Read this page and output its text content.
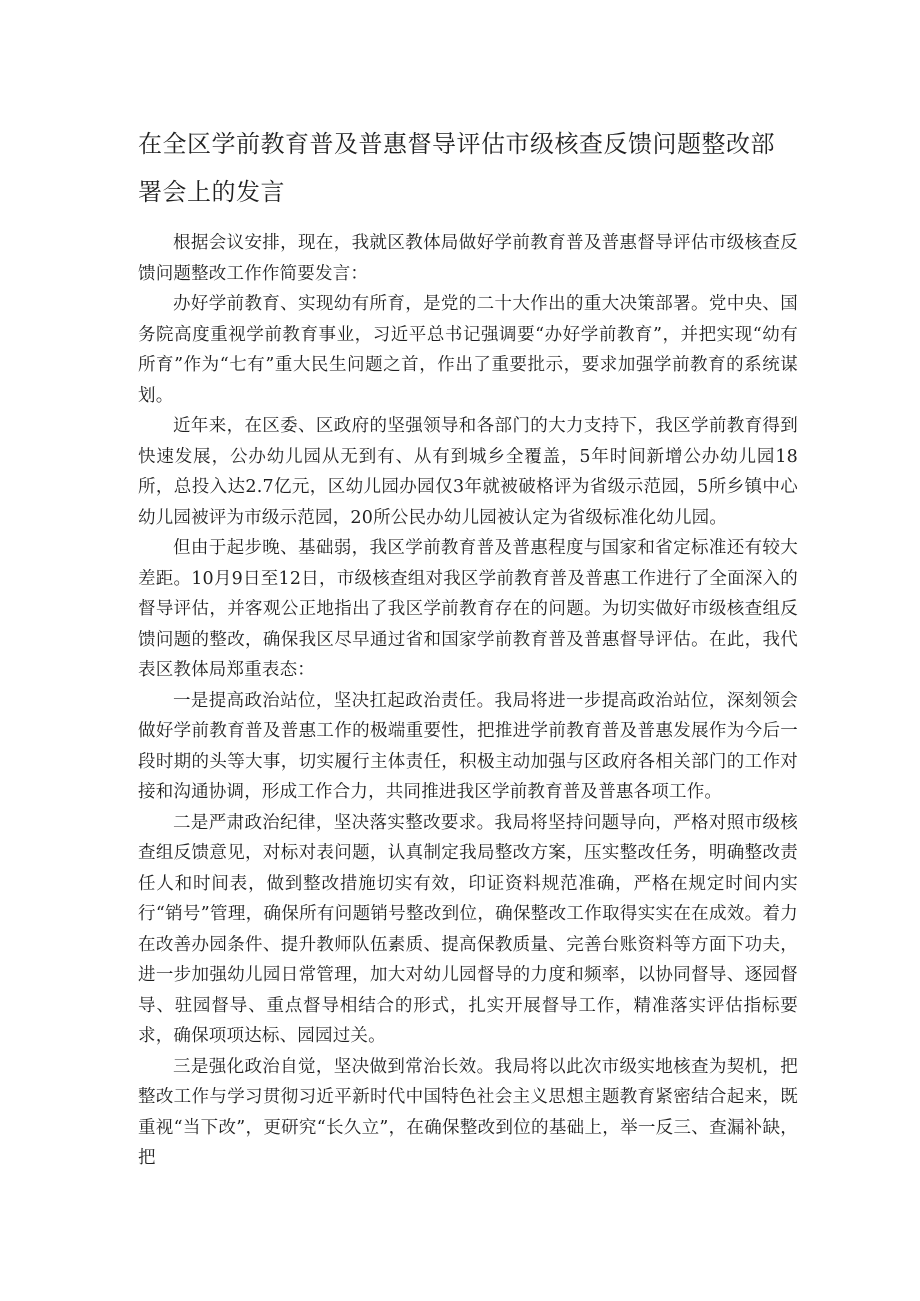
在全区学前教育普及普惠督导评估市级核查反馈问题整改部署会上的发言

根据会议安排，现在，我就区教体局做好学前教育普及普惠督导评估市级核查反馈问题整改工作作简要发言：

办好学前教育、实现幼有所育，是党的二十大作出的重大决策部署。党中央、国务院高度重视学前教育事业，习近平总书记强调要“办好学前教育”，并把实现“幼有所育”作为“七有”重大民生问题之首，作出了重要批示，要求加强学前教育的系统谋划。

近年来，在区委、区政府的坚强领导和各部门的大力支持下，我区学前教育得到快速发展，公办幼儿园从无到有、从有到城乡全覆盖，5年时间新增公办幼儿园18所，总投入达2.7亿元，区幼儿园办园仅3年就被破格评为省级示范园，5所乡镇中心幼儿园被评为市级示范园，20所公民办幼儿园被认定为省级标准化幼儿园。

但由于起步晚、基础弱，我区学前教育普及普惠程度与国家和省定标准还有较大差距。10月9日至12日，市级核查组对我区学前教育普及普惠工作进行了全面深入的督导评估，并客观公正地指出了我区学前教育存在的问题。为切实做好市级核查组反馈问题的整改，确保我区尽早通过省和国家学前教育普及普惠督导评估。在此，我代表区教体局郑重表态：

一是提高政治站位，坚决扛起政治责任。我局将进一步提高政治站位，深刻领会做好学前教育普及普惠工作的极端重要性，把推进学前教育普及普惠发展作为今后一段时期的头等大事，切实履行主体责任，积极主动加强与区政府各相关部门的工作对接和沟通协调，形成工作合力，共同推进我区学前教育普及普惠各项工作。

二是严肃政治纪律，坚决落实整改要求。我局将坚持问题导向，严格对照市级核查组反馈意见，对标对表问题，认真制定我局整改方案，压实整改任务，明确整改责任人和时间表，做到整改措施切实有效，印证资料规范准确，严格在规定时间内实行“销号”管理，确保所有问题销号整改到位，确保整改工作取得实实在在成效。着力在改善办园条件、提升教师队伍素质、提高保教质量、完善台账资料等方面下功夫，进一步加强幼儿园日常管理，加大对幼儿园督导的力度和频率，以协同督导、逐园督导、驻园督导、重点督导相结合的形式，扎实开展督导工作，精准落实评估指标要求，确保项项达标、园园过关。

三是强化政治自觉，坚决做到常治长效。我局将以此次市级实地核查为契机，把整改工作与学习贯彻习近平新时代中国特色社会主义思想主题教育紧密结合起来，既重视“当下改”，更研究“长久立”，在确保整改到位的基础上，举一反三、查漏补缺，把
